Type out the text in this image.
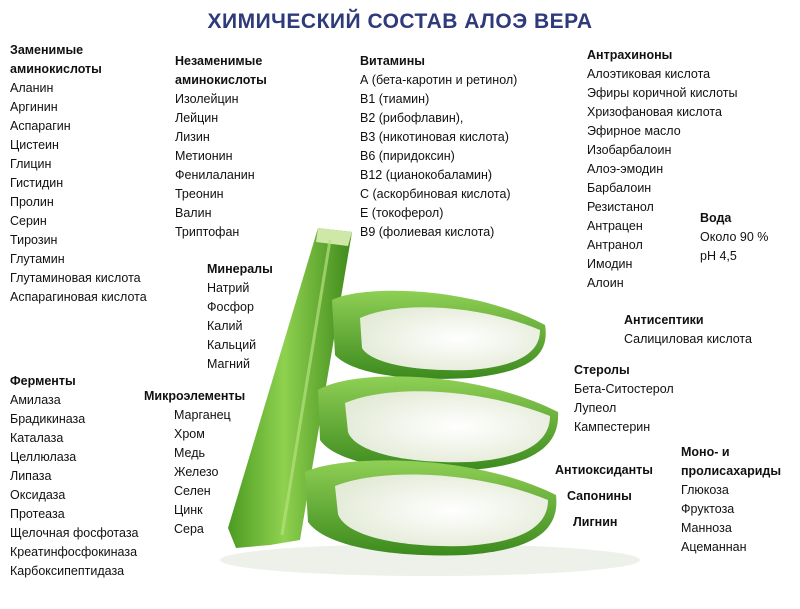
ХИМИЧЕСКИЙ СОСТАВ АЛОЭ ВЕРА
Заменимые
аминокислоты
Аланин
Аргинин
Аспарагин
Цистеин
Глицин
Гистидин
Пролин
Серин
Тирозин
Глутамин
Глутаминовая кислота
Аспарагиновая кислота
Незаменимые
аминокислоты
Изолейцин
Лейцин
Лизин
Метионин
Фенилаланин
Треонин
Валин
Триптофан
Витамины
А (бета-каротин и ретинол)
В1 (тиамин)
В2 (рибофлавин),
В3 (никотиновая кислота)
В6 (пиридоксин)
В12 (цианокобаламин)
С (аскорбиновая кислота)
Е (токоферол)
В9 (фолиевая кислота)
Антрахиноны
Алоэтиковая кислота
Эфиры коричной кислоты
Хризофановая кислота
Эфирное масло
Изобарбалоин
Алоэ-эмодин
Барбалоин
Резистанол
Антрацен
Антранол
Имодин
Алоин
Вода
Около 90 %
pH 4,5
Минералы
Натрий
Фосфор
Калий
Кальций
Магний
Антисептики
Салициловая кислота
Ферменты
Амилаза
Брадикиназа
Каталаза
Целлюлаза
Липаза
Оксидаза
Протеаза
Щелочная фосфотаза
Креатинфосфокиназа
Карбоксипептидаза
Микроэлементы
Марганец
Хром
Медь
Железо
Селен
Цинк
Сера
Стеролы
Бета-Ситостерол
Лупеол
Кампестерин
Антиоксиданты
Сапонины
Лигнин
Моно- и
пролисахариды
Глюкоза
Фруктоза
Манноза
Ацеманнан
